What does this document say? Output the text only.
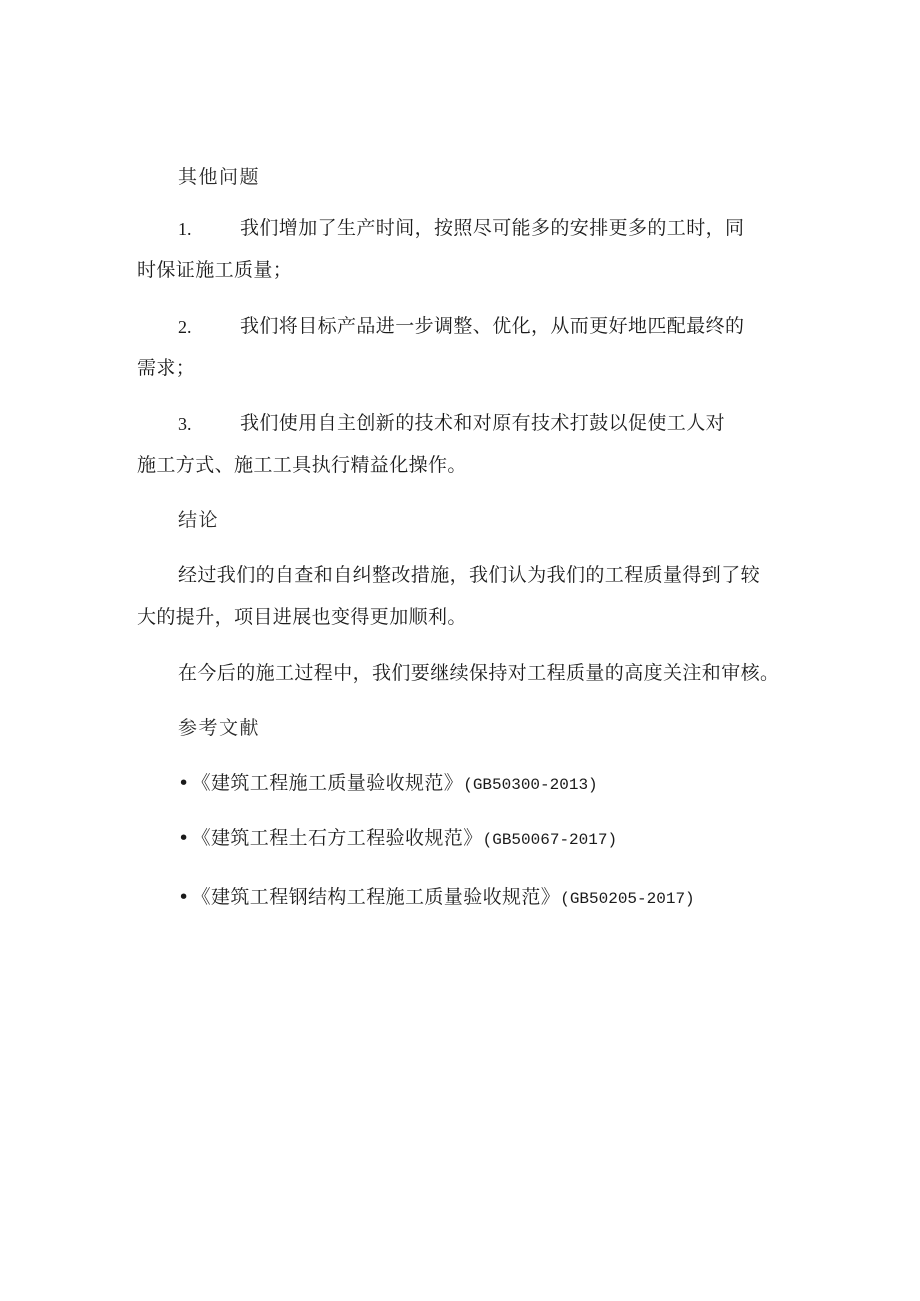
其他问题
1.	我们增加了生产时间，按照尽可能多的安排更多的工时，同
时保证施工质量；
2.	我们将目标产品进一步调整、优化，从而更好地匹配最终的
需求；
3.	我们使用自主创新的技术和对原有技术打鼓以促使工人对
施工方式、施工工具执行精益化操作。
结论
经过我们的自查和自纠整改措施，我们认为我们的工程质量得到了较
大的提升，项目进展也变得更加顺利。
在今后的施工过程中，我们要继续保持对工程质量的高度关注和审核。
参考文献
• 《建筑工程施工质量验收规范》(GB50300-2013)
• 《建筑工程土石方工程验收规范》(GB50067-2017)
• 《建筑工程钢结构工程施工质量验收规范》(GB50205-2017)
